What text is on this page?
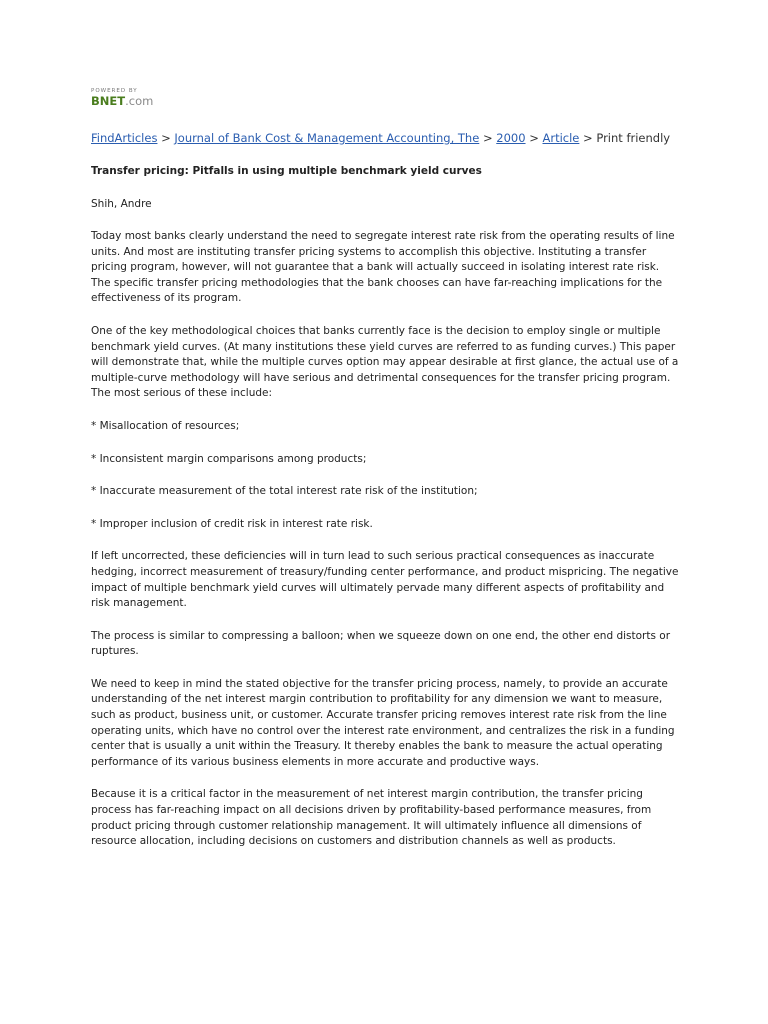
POWERED BY
BNET.com
FindArticles > Journal of Bank Cost & Management Accounting, The > 2000 > Article > Print friendly
Transfer pricing: Pitfalls in using multiple benchmark yield curves
Shih, Andre

Today most banks clearly understand the need to segregate interest rate risk from the operating results of line units. And most are instituting transfer pricing systems to accomplish this objective. Instituting a transfer pricing program, however, will not guarantee that a bank will actually succeed in isolating interest rate risk. The specific transfer pricing methodologies that the bank chooses can have far-reaching implications for the effectiveness of its program.

One of the key methodological choices that banks currently face is the decision to employ single or multiple benchmark yield curves. (At many institutions these yield curves are referred to as funding curves.) This paper will demonstrate that, while the multiple curves option may appear desirable at first glance, the actual use of a multiple-curve methodology will have serious and detrimental consequences for the transfer pricing program. The most serious of these include:

* Misallocation of resources;

* Inconsistent margin comparisons among products;

* Inaccurate measurement of the total interest rate risk of the institution;

* Improper inclusion of credit risk in interest rate risk.

If left uncorrected, these deficiencies will in turn lead to such serious practical consequences as inaccurate hedging, incorrect measurement of treasury/funding center performance, and product mispricing. The negative impact of multiple benchmark yield curves will ultimately pervade many different aspects of profitability and risk management.

The process is similar to compressing a balloon; when we squeeze down on one end, the other end distorts or ruptures.

We need to keep in mind the stated objective for the transfer pricing process, namely, to provide an accurate understanding of the net interest margin contribution to profitability for any dimension we want to measure, such as product, business unit, or customer. Accurate transfer pricing removes interest rate risk from the line operating units, which have no control over the interest rate environment, and centralizes the risk in a funding center that is usually a unit within the Treasury. It thereby enables the bank to measure the actual operating performance of its various business elements in more accurate and productive ways.

Because it is a critical factor in the measurement of net interest margin contribution, the transfer pricing process has far-reaching impact on all decisions driven by profitability-based performance measures, from product pricing through customer relationship management. It will ultimately influence all dimensions of resource allocation, including decisions on customers and distribution channels as well as products.
